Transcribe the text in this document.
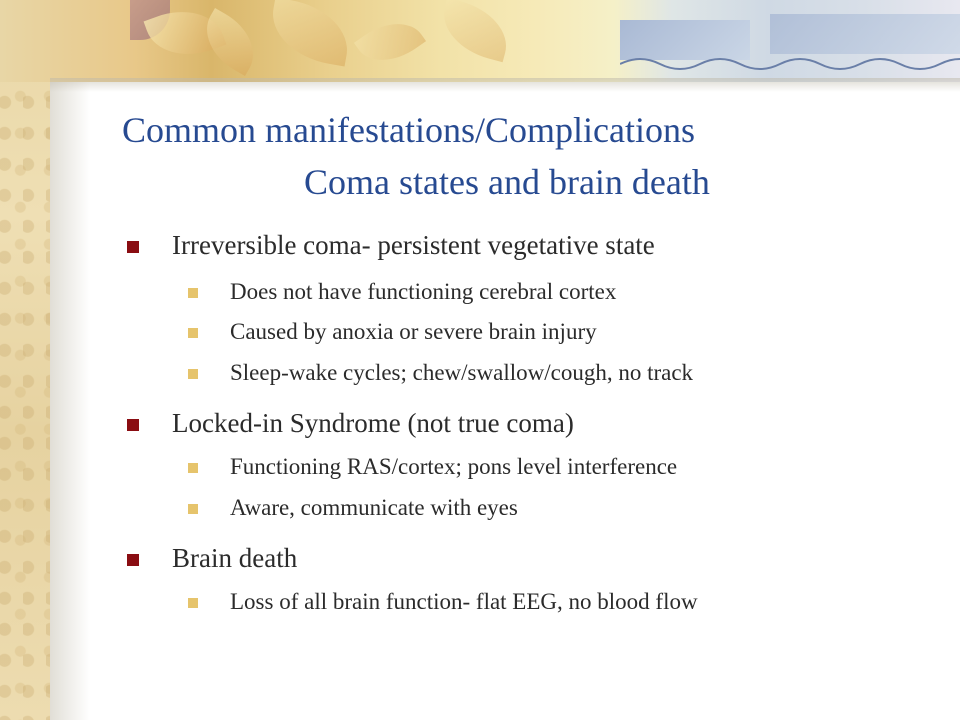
Common manifestations/Complications
Coma states and brain death
Irreversible coma- persistent vegetative state
Does not have functioning cerebral cortex
Caused by anoxia or severe brain injury
Sleep-wake cycles; chew/swallow/cough, no track
Locked-in Syndrome (not true coma)
Functioning RAS/cortex; pons level interference
Aware, communicate with eyes
Brain death
Loss of all brain function- flat EEG, no blood flow
